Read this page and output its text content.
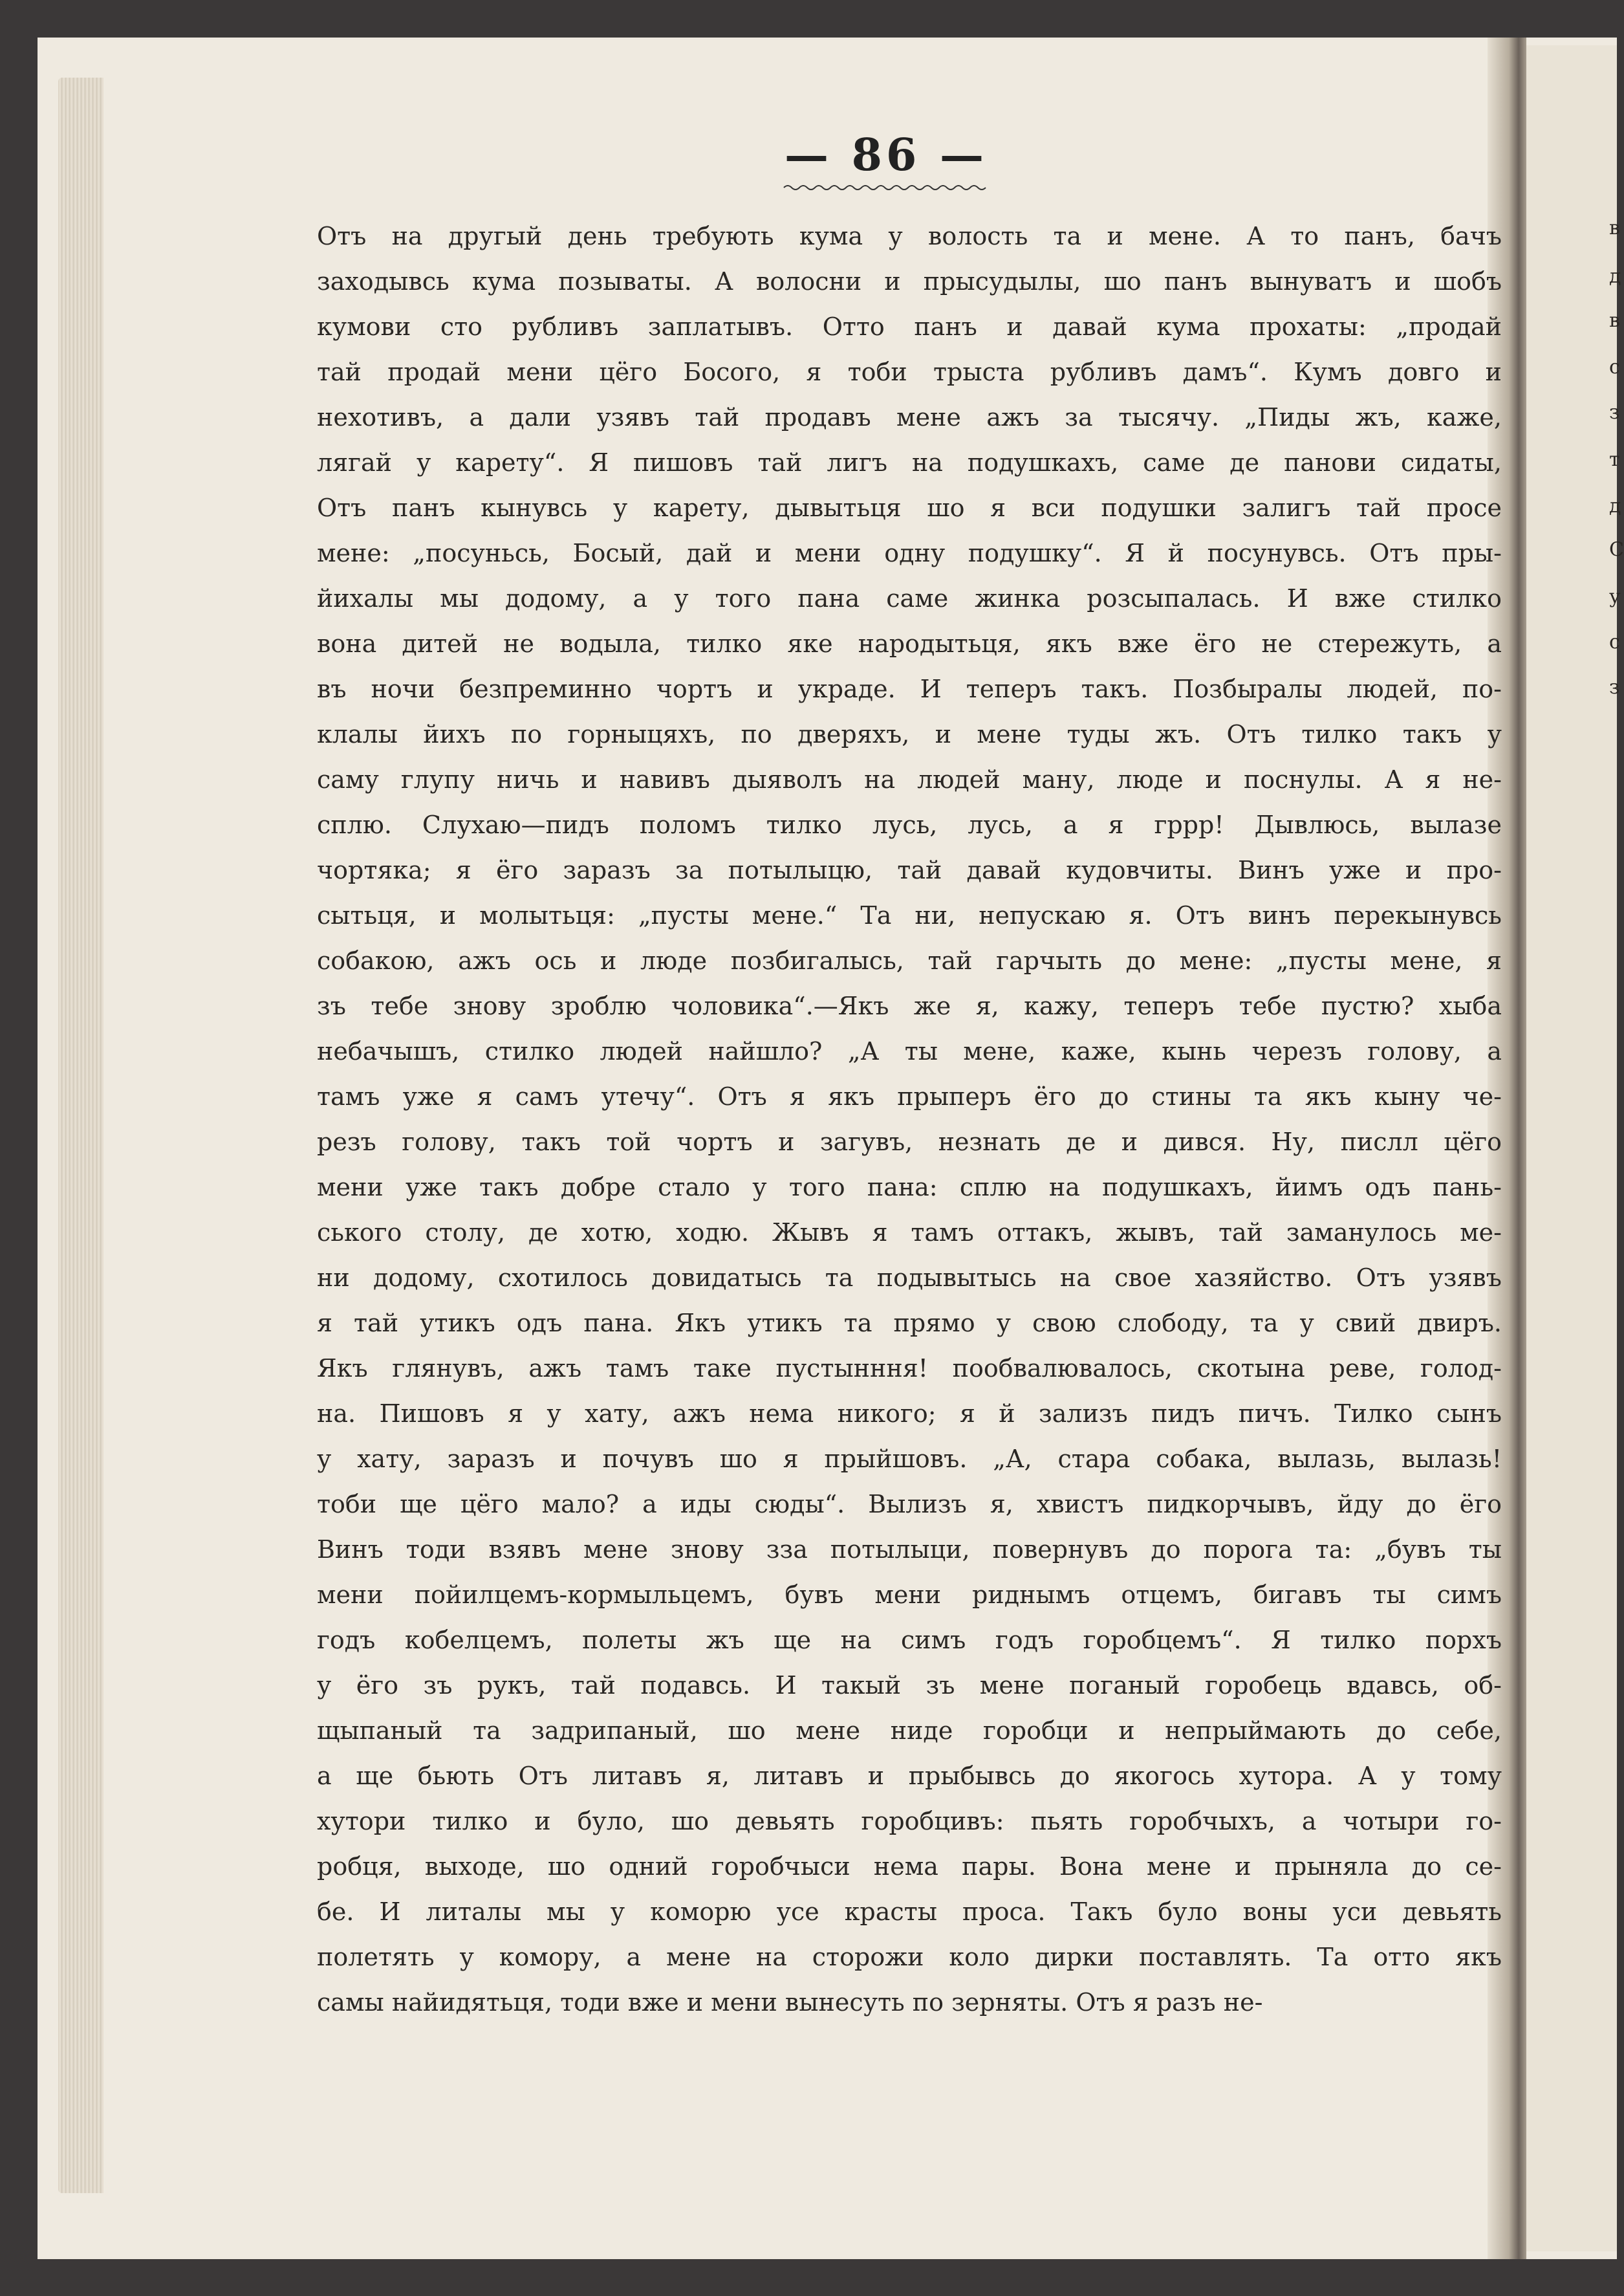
в
д
в
с
з
т
д
С
у
с
з
— 86 —
Отъ на другый день требують кума у волость та и мене. А то панъ, бачъ
заходывсь кума позываты. А волосни и прысудылы, шо панъ вынуватъ и шобъ
кумови сто рубливъ заплатывъ. Отто панъ и давай кума прохаты: „продай
тай продай мени цёго Босого, я тоби трыста рубливъ дамъ“. Кумъ довго и
нехотивъ, а дали узявъ тай продавъ мене ажъ за тысячу. „Пиды жъ, каже,
лягай у карету“. Я пишовъ тай лигъ на подушкахъ, саме де панови сидаты,
Отъ панъ кынувсь у карету, дывытьця шо я вси подушки залигъ тай просе
мене: „посуньсь, Босый, дай и мени одну подушку“. Я й посунувсь. Отъ пры-
йихалы мы додому, а у того пана саме жинка розсыпалась. И вже стилко
вона дитей не водыла, тилко яке народытьця, якъ вже ёго не стережуть, а
въ ночи безпреминно чортъ и украде. И теперъ такъ. Позбыралы людей, по-
клалы йихъ по горныцяхъ, по дверяхъ, и мене туды жъ. Отъ тилко такъ у
саму глупу ничь и навивъ дыяволъ на людей ману, люде и поснулы. А я не-
сплю. Слухаю—пидъ поломъ тилко лусь, лусь, а я гррр! Дывлюсь, вылазе
чортяка; я ёго заразъ за потылыцю, тай давай кудовчиты. Винъ уже и про-
сытьця, и молытьця: „пусты мене.“ Та ни, непускаю я. Отъ винъ перекынувсь
собакою, ажъ ось и люде позбигалысь, тай гарчыть до мене: „пусты мене, я
зъ тебе знову зроблю чоловика“.—Якъ же я, кажу, теперъ тебе пустю? хыба
небачышъ, стилко людей найшло? „А ты мене, каже, кынь черезъ голову, а
тамъ уже я самъ утечу“. Отъ я якъ прыперъ ёго до стины та якъ кыну че-
резъ голову, такъ той чортъ и загувъ, незнать де и дився. Ну, пислл цёго
мени уже такъ добре стало у того пана: сплю на подушкахъ, йимъ одъ пань-
ського столу, де хотю, ходю. Жывъ я тамъ оттакъ, жывъ, тай заманулось ме-
ни додому, схотилось довидатысь та подывытысь на свое хазяйство. Отъ узявъ
я тай утикъ одъ пана. Якъ утикъ та прямо у свою слободу, та у свий двиръ.
Якъ глянувъ, ажъ тамъ таке пустынння! пообвалювалось, скотына реве, голод-
на. Пишовъ я у хату, ажъ нема никого; я й зализъ пидъ пичъ. Тилко сынъ
у хату, заразъ и почувъ шо я прыйшовъ. „А, стара собака, вылазь, вылазь!
тоби ще цёго мало? а иды сюды“. Вылизъ я, хвистъ пидкорчывъ, йду до ёго
Винъ тоди взявъ мене знову зза потылыци, повернувъ до порога та: „бувъ ты
мени пойилцемъ-кормыльцемъ, бувъ мени риднымъ отцемъ, бигавъ ты симъ
годъ кобелцемъ, полеты жъ ще на симъ годъ горобцемъ“. Я тилко порхъ
у ёго зъ рукъ, тай подавсь. И такый зъ мене поганый горобець вдавсь, об-
щыпаный та задрипаный, шо мене ниде горобци и непрыймають до себе,
а ще бьють Отъ литавъ я, литавъ и прыбывсь до якогось хутора. А у тому
хутори тилко и було, шо девьять горобцивъ: пьять горобчыхъ, а чотыри го-
робця, выходе, шо одний горобчыси нема пары. Вона мене и прыняла до се-
бе. И литалы мы у комoрю усе красты проса. Такъ було воны уси девьять
полетять у комору, а мене на сторожи коло дирки поставлять. Та отто якъ
самы найидятьця, тоди вже и мени вынесуть по зерняты. Отъ я разъ не-
